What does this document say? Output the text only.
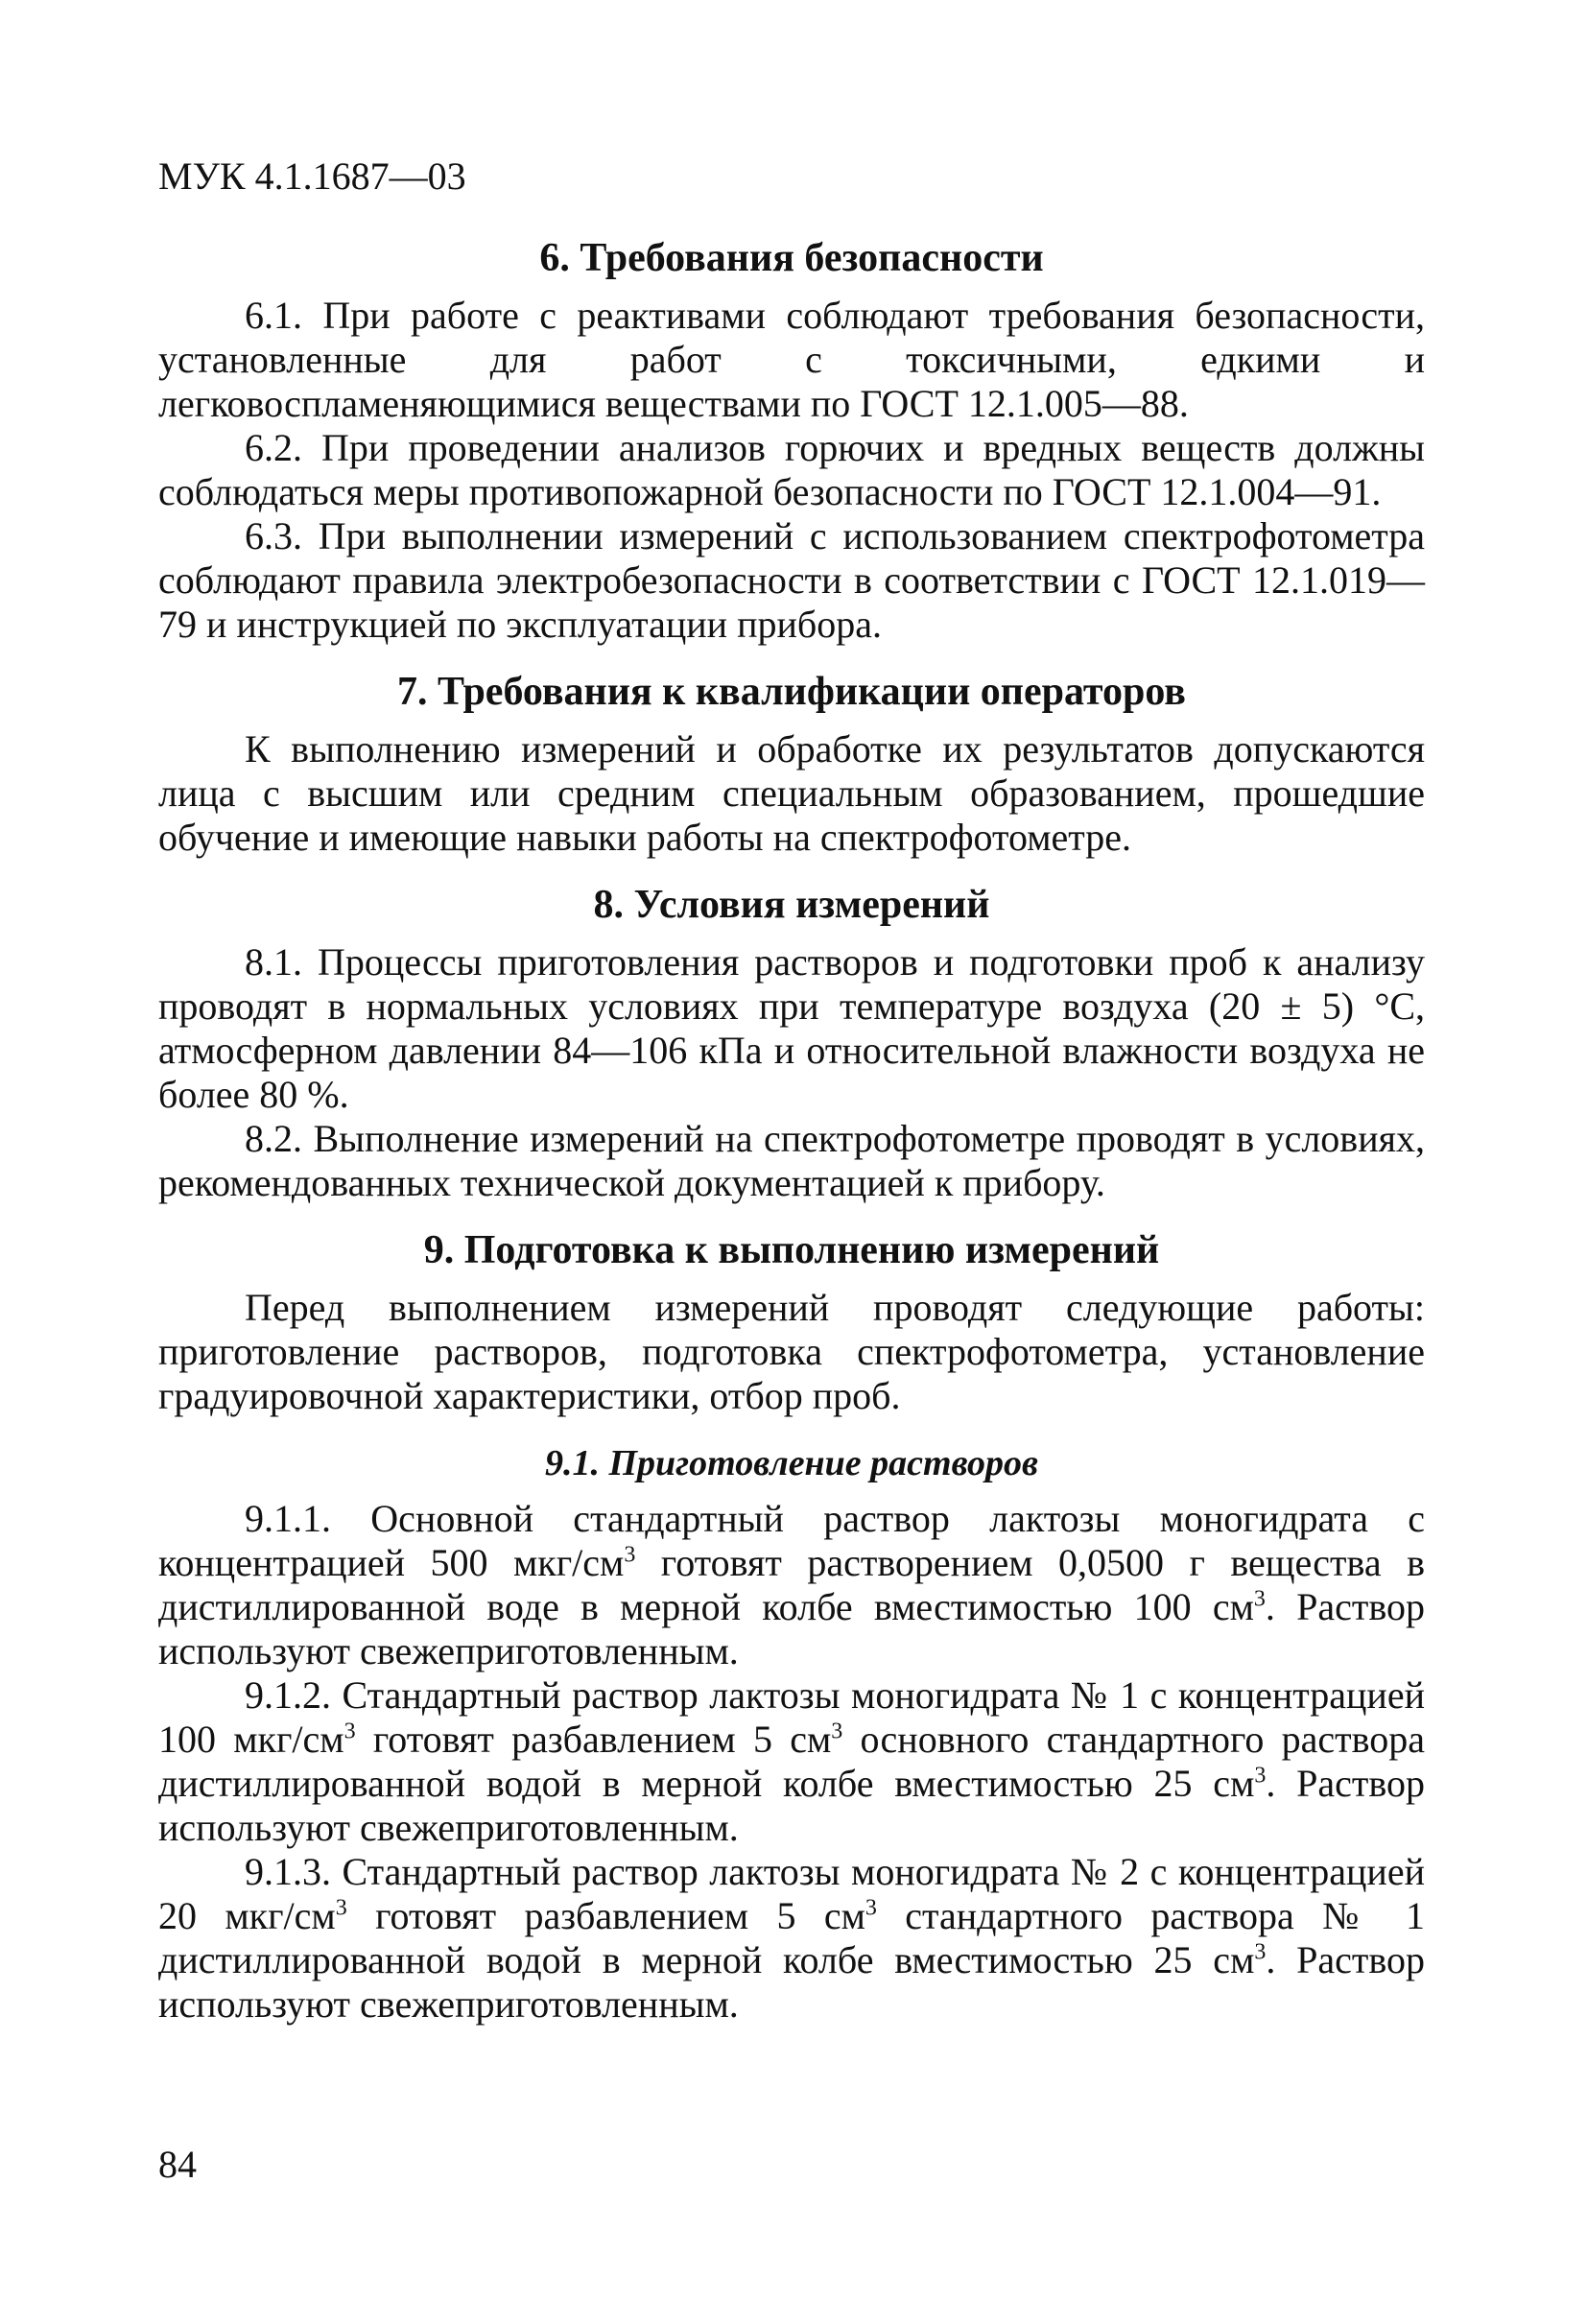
МУК 4.1.1687—03
6. Требования безопасности

6.1. При работе с реактивами соблюдают требования безопасности, установленные для работ с токсичными, едкими и легковоспламеняющимися веществами по ГОСТ 12.1.005—88.

6.2. При проведении анализов горючих и вредных веществ должны соблюдаться меры противопожарной безопасности по ГОСТ 12.1.004—91.

6.3. При выполнении измерений с использованием спектрофотометра соблюдают правила электробезопасности в соответствии с ГОСТ 12.1.019—79 и инструкцией по эксплуатации прибора.

7. Требования к квалификации операторов

К выполнению измерений и обработке их результатов допускаются лица с высшим или средним специальным образованием, прошедшие обучение и имеющие навыки работы на спектрофотометре.

8. Условия измерений

8.1. Процессы приготовления растворов и подготовки проб к анализу проводят в нормальных условиях при температуре воздуха (20 ± 5) °С, атмосферном давлении 84—106 кПа и относительной влажности воздуха не более 80 %.

8.2. Выполнение измерений на спектрофотометре проводят в условиях, рекомендованных технической документацией к прибору.

9. Подготовка к выполнению измерений

Перед выполнением измерений проводят следующие работы: приготовление растворов, подготовка спектрофотометра, установление градуировочной характеристики, отбор проб.

9.1. Приготовление растворов

9.1.1. Основной стандартный раствор лактозы моногидрата с концентрацией 500 мкг/$см^3$ готовят растворением 0,0500 г вещества в дистиллированной воде в мерной колбе вместимостью 100 $см^3$. Раствор используют свежеприготовленным.

9.1.2. Стандартный раствор лактозы моногидрата № 1 с концентрацией 100 мкг/$см^3$ готовят разбавлением 5 $см^3$ основного стандартного раствора дистиллированной водой в мерной колбе вместимостью 25 $см^3$. Раствор используют свежеприготовленным.

9.1.3. Стандартный раствор лактозы моногидрата № 2 с концентрацией 20 мкг/$см^3$ готовят разбавлением 5 $см^3$ стандартного раствора № 1 дистиллированной водой в мерной колбе вместимостью 25 $см^3$. Раствор используют свежеприготовленным.

84
